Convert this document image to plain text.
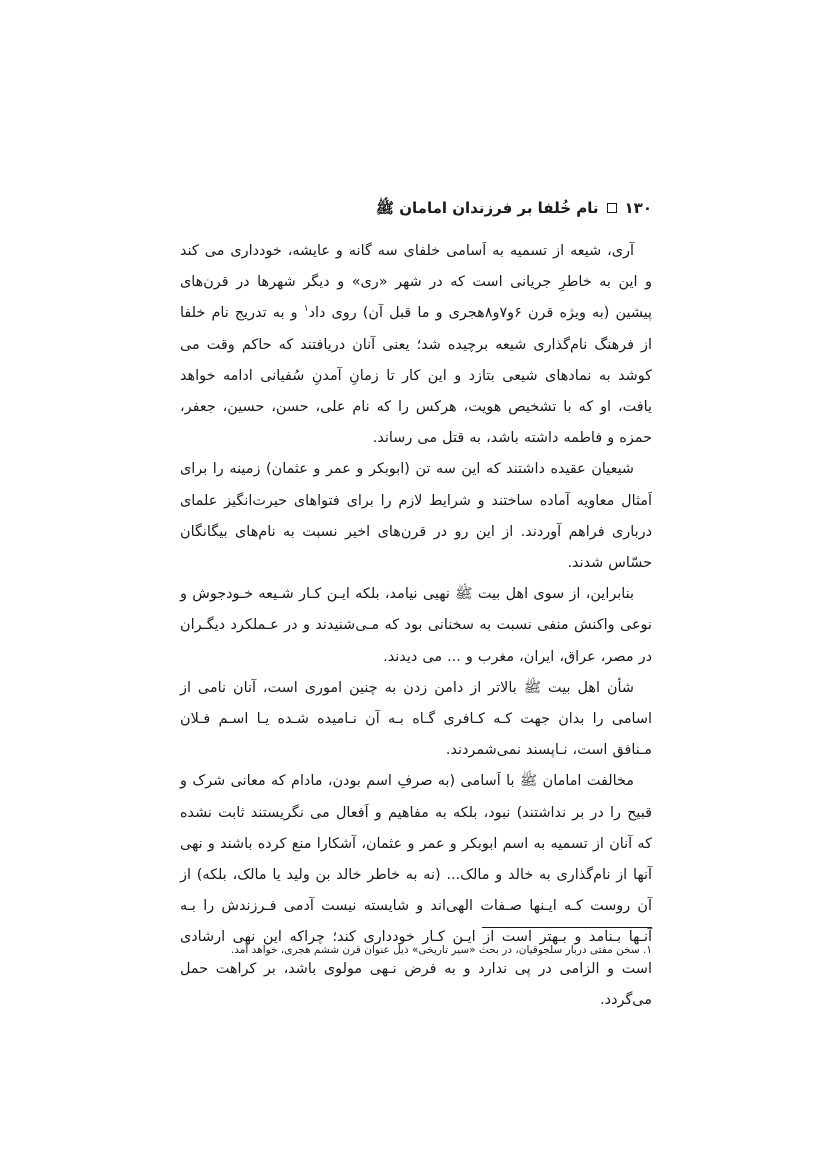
۱۳۰
نام خُلفا بر فرزندان امامان ﷺ

آری، شیعه از تسمیه به اَسامی خلفای سه گانه و عایشه، خودداری می کند و این به خاطرِ جریانی است که در شهر «ری» و دیگر شهرها در قرن‌های پیشین (به ویژه قرن ۶و۷و۸هجری و ما قبل آن) روی داد$^۱$ و به تدریج نام خلفا از فرهنگ نام‌گذاری شیعه برچیده شد؛ یعنی آنان دریافتند که حاکم وقت می کوشد به نمادهای شیعی بتازد و این کار تا زمانِ آمدنِ سُفیانی ادامه خواهد یافت، او که با تشخیص هویت، هرکس را که نام علی، حسن، حسین، جعفر، حمزه و فاطمه داشته باشد، به قتل می رساند.

شیعیان عقیده داشتند که این سه تن (ابوبکر و عمر و عثمان) زمینه را برای اَمثال معاویه آماده ساختند و شرایط لازم را برای فتواهای حیرت‌انگیز علمای درباری فراهم آوردند. از این رو در قرن‌های اخیر نسبت به نام‌های بیگانگان حسّاس شدند.

بنابراین، از سوی اهل بیت ﷺ نهیی نیامد، بلکه ایـن کـار شـیعه خـودجوش و نوعی واکنش منفی نسبت به سخنانی بود که مـی‌شنیدند و در عـملکرد دیگـران در مصر، عراق، ایران، مغرب و ... می دیدند.

شأن اهل بیت ﷺ بالاتر از دامن زدن به چنین اموری است، آنان نامی از اسامی را بدان جهت کـه کـافری گـاه بـه آن نـامیده شـده یـا اسـم فـلان مـنافق است، نـاپسند نمی‌شمردند.

مخالفت امامان ﷺ با اَسامی (به صرفِ اسم بودن، مادام که معانی شرک و قبیح را در بر نداشتند) نبود، بلکه به مفاهیم و اَفعال می نگریستند ثابت نشده که آنان از تسمیه به اسم ابوبکر و عمر و عثمان، آشکارا منع کرده باشند و نهی آنها از نام‌گذاری به خالد و مالک... (نه به خاطر خالد بن ولید یا مالک، بلکه) از آن روست کـه ایـنها صـفات الهی‌اند و شایسته نیست آدمی فـرزندش را بـه آنـها بـنامد و بـهتر است از ایـن کـار خودداری کند؛ چراکه این نهی ارشادی است و الزامی در پی ندارد و به فرض نـهی مولوی باشد، بر کراهت حمل می‌گردد.

۱. سخن مفتی دربار سلجوقیان، در بحث «سیر تاریخی» ذیل عنوان قرن ششم هجری، خواهد آمد.
